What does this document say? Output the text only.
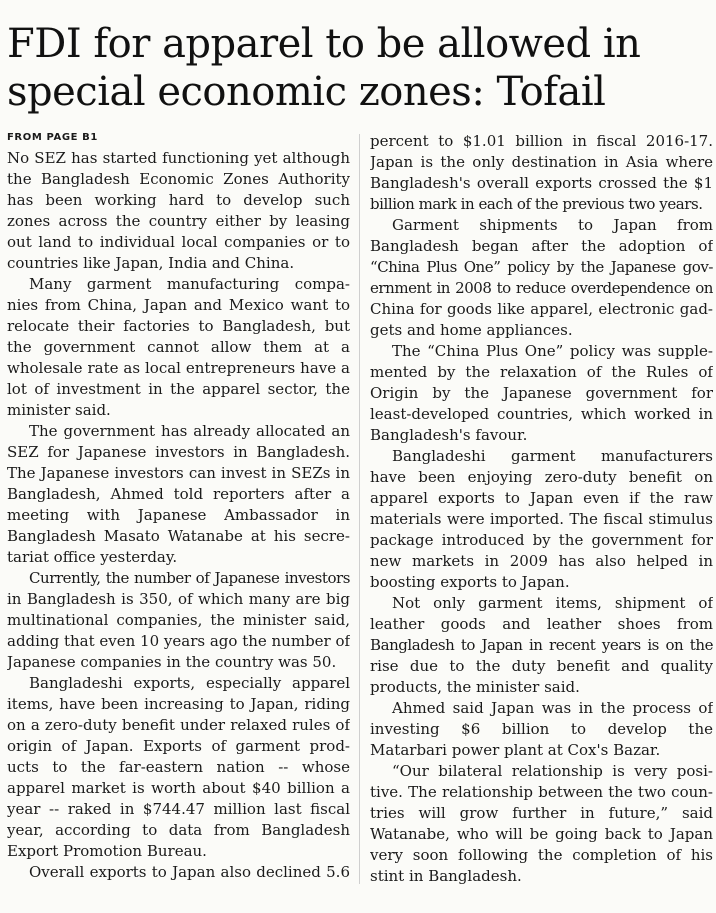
FDI for apparel to be allowed in
special economic zones: Tofail
FROM PAGE B1
No SEZ has started functioning yet although
the Bangladesh Economic Zones Authority
has been working hard to develop such
zones across the country either by leasing
out land to individual local companies or to
countries like Japan, India and China.
Many garment manufacturing compa-
nies from China, Japan and Mexico want to
relocate their factories to Bangladesh, but
the government cannot allow them at a
wholesale rate as local entrepreneurs have a
lot of investment in the apparel sector, the
minister said.
The government has already allocated an
SEZ for Japanese investors in Bangladesh.
The Japanese investors can invest in SEZs in
Bangladesh, Ahmed told reporters after a
meeting with Japanese Ambassador in
Bangladesh Masato Watanabe at his secre-
tariat office yesterday.
Currently, the number of Japanese investors
in Bangladesh is 350, of which many are big
multinational companies, the minister said,
adding that even 10 years ago the number of
Japanese companies in the country was 50.
Bangladeshi exports, especially apparel
items, have been increasing to Japan, riding
on a zero-duty benefit under relaxed rules of
origin of Japan. Exports of garment prod-
ucts to the far-eastern nation -- whose
apparel market is worth about $40 billion a
year -- raked in $744.47 million last fiscal
year, according to data from Bangladesh
Export Promotion Bureau.
Overall exports to Japan also declined 5.6
percent to $1.01 billion in fiscal 2016-17.
Japan is the only destination in Asia where
Bangladesh's overall exports crossed the $1
billion mark in each of the previous two years.
Garment shipments to Japan from
Bangladesh began after the adoption of
“China Plus One” policy by the Japanese gov-
ernment in 2008 to reduce overdependence on
China for goods like apparel, electronic gad-
gets and home appliances.
The “China Plus One” policy was supple-
mented by the relaxation of the Rules of
Origin by the Japanese government for
least-developed countries, which worked in
Bangladesh's favour.
Bangladeshi garment manufacturers
have been enjoying zero-duty benefit on
apparel exports to Japan even if the raw
materials were imported. The fiscal stimulus
package introduced by the government for
new markets in 2009 has also helped in
boosting exports to Japan.
Not only garment items, shipment of
leather goods and leather shoes from
Bangladesh to Japan in recent years is on the
rise due to the duty benefit and quality
products, the minister said.
Ahmed said Japan was in the process of
investing $6 billion to develop the
Matarbari power plant at Cox's Bazar.
“Our bilateral relationship is very posi-
tive. The relationship between the two coun-
tries will grow further in future,” said
Watanabe, who will be going back to Japan
very soon following the completion of his
stint in Bangladesh.
